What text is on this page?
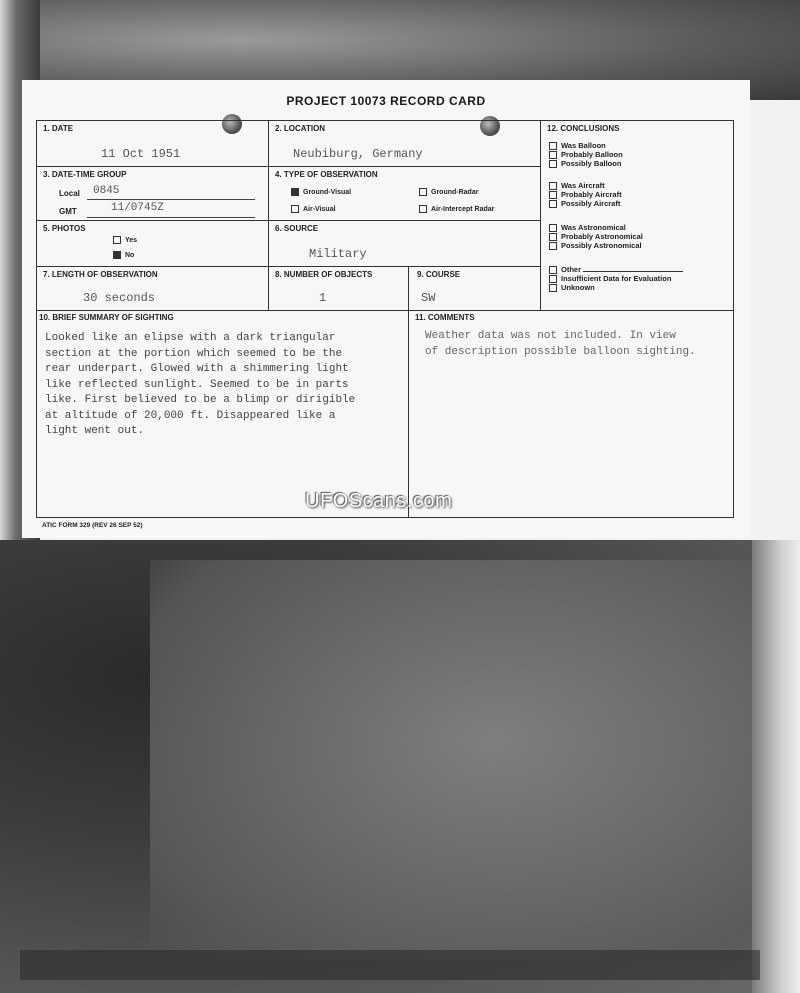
PROJECT 10073 RECORD CARD
1. DATE
11 Oct 1951
2. LOCATION
Neubiburg, Germany
3. DATE-TIME GROUP
Local 0845
GMT	11/0745Z
4. TYPE OF OBSERVATION
Ground-Visual	Ground-Radar
Air-Visual	Air-Intercept Radar
5. PHOTOS
Yes
No
6. SOURCE
Military
7. LENGTH OF OBSERVATION
30 seconds
8. NUMBER OF OBJECTS
1
9. COURSE
SW
12. CONCLUSIONS
Was Balloon
Probably Balloon
Possibly Balloon
Was Aircraft
Probably Aircraft
Possibly Aircraft
Was Astronomical
Probably Astronomical
Possibly Astronomical
Other
Insufficient Data for Evaluation
Unknown
10. BRIEF SUMMARY OF SIGHTING
Looked like an elipse with a dark triangular
section at the portion which seemed to be the
rear underpart. Glowed with a shimmering light
like reflected sunlight. Seemed to be in parts
like. First believed to be a blimp or dirigible
at altitude of 20,000 ft. Disappeared like a
light went out.
11. COMMENTS
Weather data was not included. In view
of description possible balloon sighting.
ATIC FORM 329 (REV 26 SEP 52)
UFOScans.com
